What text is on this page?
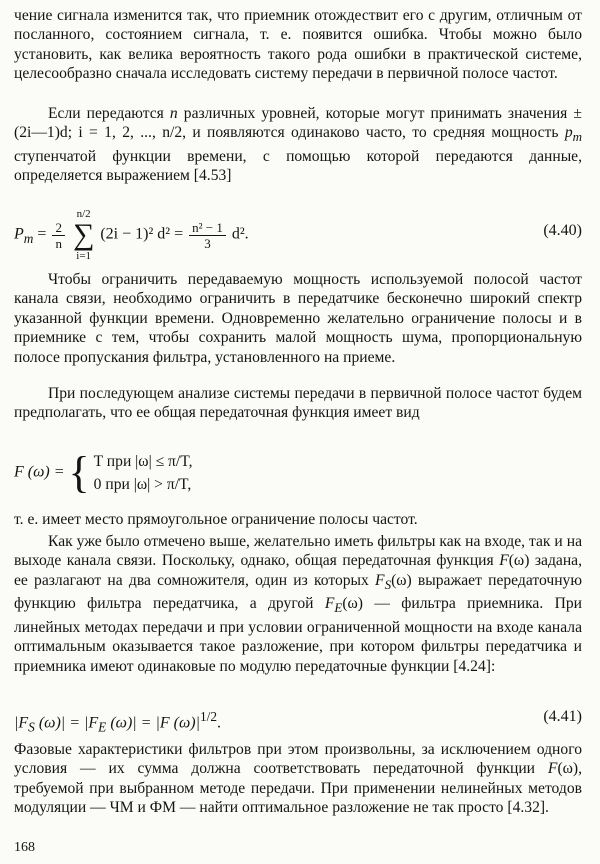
чение сигнала изменится так, что приемник отождествит его с другим, отличным от посланного, состоянием сигнала, т. е. появится ошибка. Чтобы можно было установить, как велика вероятность такого рода ошибки в практической системе, целесообразно сначала исследовать систему передачи в первичной полосе частот.

Если передаются n различных уровней, которые могут принимать значения ± (2i—1)d; i = 1, 2, ..., n/2, и появляются одинаково часто, то средняя мощность $p_m$ ступенчатой функции времени, с помощью которой передаются данные, определяется выражением [4.53]

$P_m = \frac{2}{n}$

n/2
∑
i=1
(2i − 1)² $d^2 = \frac{\text{n² − 1}}{3} d^2$.	(4.40)

Чтобы ограничить передаваемую мощность используемой полосой частот канала связи, необходимо ограничить в передатчике бесконечно широкий спектр указанной функции времени. Одновременно желательно ограничение полосы и в приемнике с тем, чтобы сохранить малой мощность шума, пропорциональную полосе пропускания фильтра, установленного на приеме.

При последующем анализе системы передачи в первичной полосе частот будем предполагать, что ее общая передаточная функция имеет вид

F (ω) = { T при |ω| ≤ π/T,
0 при |ω| > π/T,

т. е. имеет место прямоугольное ограничение полосы частот.

Как уже было отмечено выше, желательно иметь фильтры как на входе, так и на выходе канала связи. Поскольку, однако, общая передаточная функция F(ω) задана, ее разлагают на два сомножителя, один из которых $F_S(\omega)$ выражает передаточную функцию фильтра передатчика, а другой $F_E(\omega)$ — фильтра приемника. При линейных методах передачи и при условии ограниченной мощности на входе канала оптимальным оказывается такое разложение, при котором фильтры передатчика и приемника имеют одинаковые по модулю передаточные функции [4.24]:

$|F_S$ $(\omega)| = |F_E$ (ω)| = |F $(\omega)|^{1/2}$.	(4.41)

Фазовые характеристики фильтров при этом произвольны, за исключением одного условия — их сумма должна соответствовать передаточной функции F(ω), требуемой при выбранном методе передачи. При применении нелинейных методов модуляции — ЧМ и ФМ — найти оптимальное разложение не так просто [4.32].

168
